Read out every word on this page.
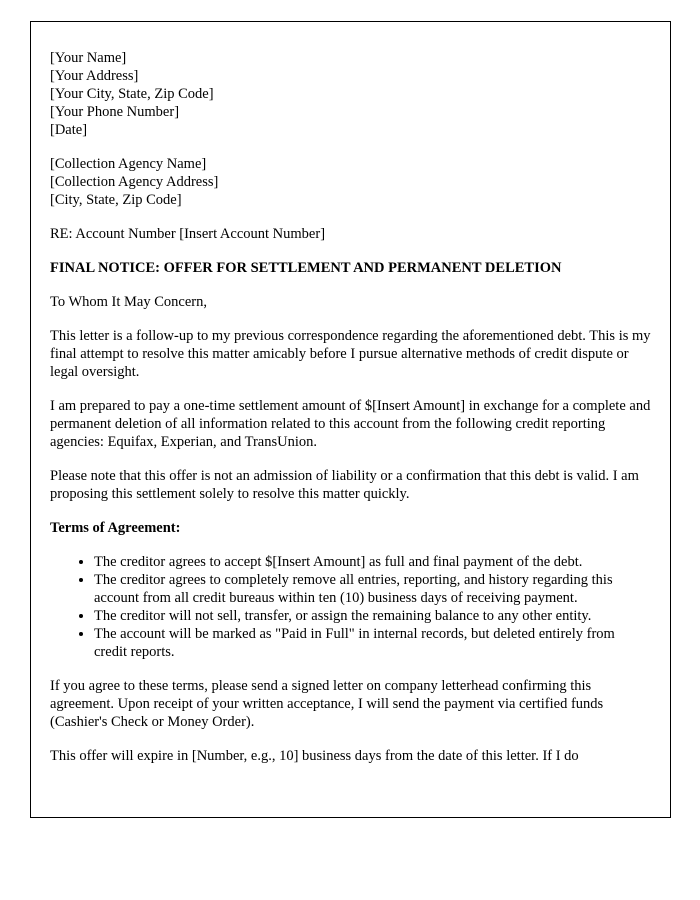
[Your Name]
[Your Address]
[Your City, State, Zip Code]
[Your Phone Number]
[Date]
[Collection Agency Name]
[Collection Agency Address]
[City, State, Zip Code]
RE: Account Number [Insert Account Number]
FINAL NOTICE: OFFER FOR SETTLEMENT AND PERMANENT DELETION
To Whom It May Concern,
This letter is a follow-up to my previous correspondence regarding the aforementioned debt. This is my final attempt to resolve this matter amicably before I pursue alternative methods of credit dispute or legal oversight.
I am prepared to pay a one-time settlement amount of $[Insert Amount] in exchange for a complete and permanent deletion of all information related to this account from the following credit reporting agencies: Equifax, Experian, and TransUnion.
Please note that this offer is not an admission of liability or a confirmation that this debt is valid. I am proposing this settlement solely to resolve this matter quickly.
Terms of Agreement:
• The creditor agrees to accept $[Insert Amount] as full and final payment of the debt.
• The creditor agrees to completely remove all entries, reporting, and history regarding this account from all credit bureaus within ten (10) business days of receiving payment.
• The creditor will not sell, transfer, or assign the remaining balance to any other entity.
• The account will be marked as "Paid in Full" in internal records, but deleted entirely from credit reports.
If you agree to these terms, please send a signed letter on company letterhead confirming this agreement. Upon receipt of your written acceptance, I will send the payment via certified funds (Cashier's Check or Money Order).
This offer will expire in [Number, e.g., 10] business days from the date of this letter. If I do
